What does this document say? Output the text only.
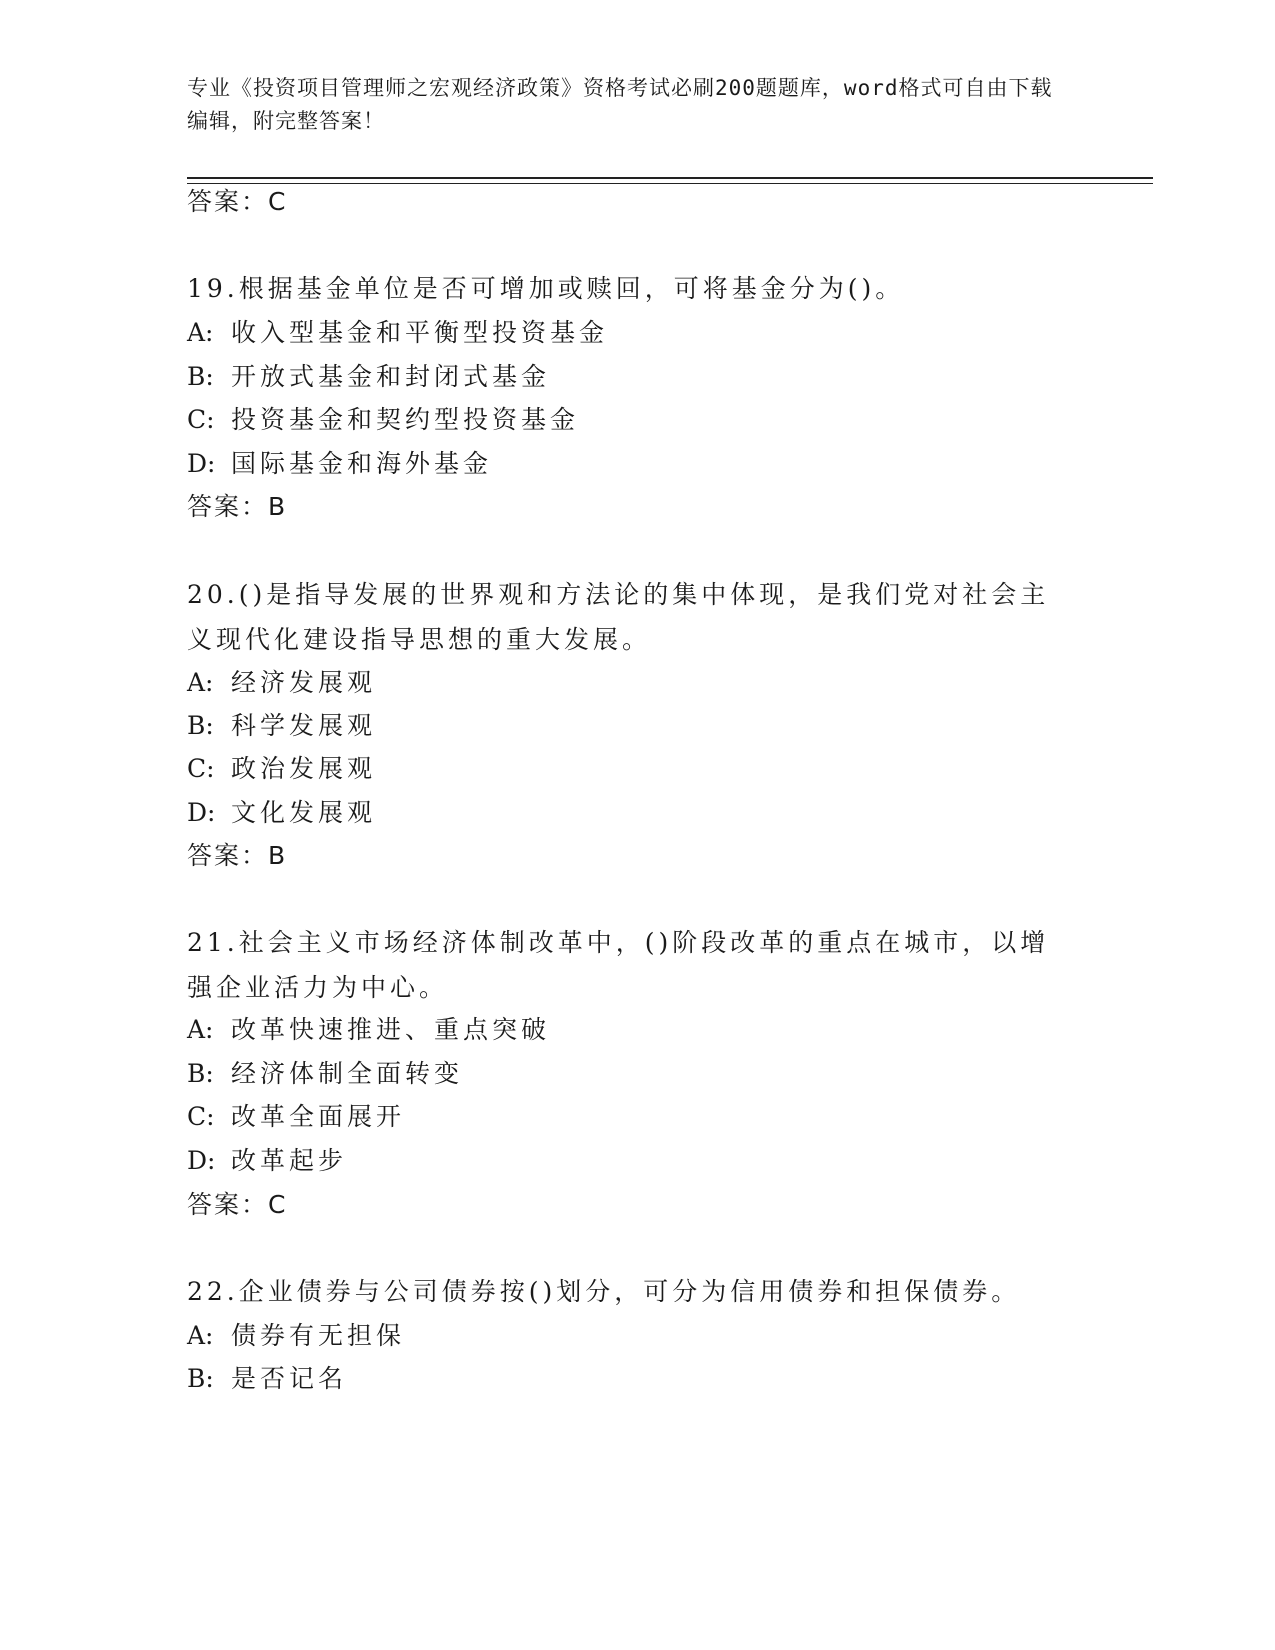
专业《投资项目管理师之宏观经济政策》资格考试必刷200题题库，word格式可自由下载编辑，附完整答案！
答案：C
19.根据基金单位是否可增加或赎回，可将基金分为()。
A: 收入型基金和平衡型投资基金
B: 开放式基金和封闭式基金
C: 投资基金和契约型投资基金
D: 国际基金和海外基金
答案：B
20.()是指导发展的世界观和方法论的集中体现，是我们党对社会主义现代化建设指导思想的重大发展。
A: 经济发展观
B: 科学发展观
C: 政治发展观
D: 文化发展观
答案：B
21.社会主义市场经济体制改革中，()阶段改革的重点在城市，以增强企业活力为中心。
A: 改革快速推进、重点突破
B: 经济体制全面转变
C: 改革全面展开
D: 改革起步
答案：C
22.企业债券与公司债券按()划分，可分为信用债券和担保债券。
A: 债券有无担保
B: 是否记名
